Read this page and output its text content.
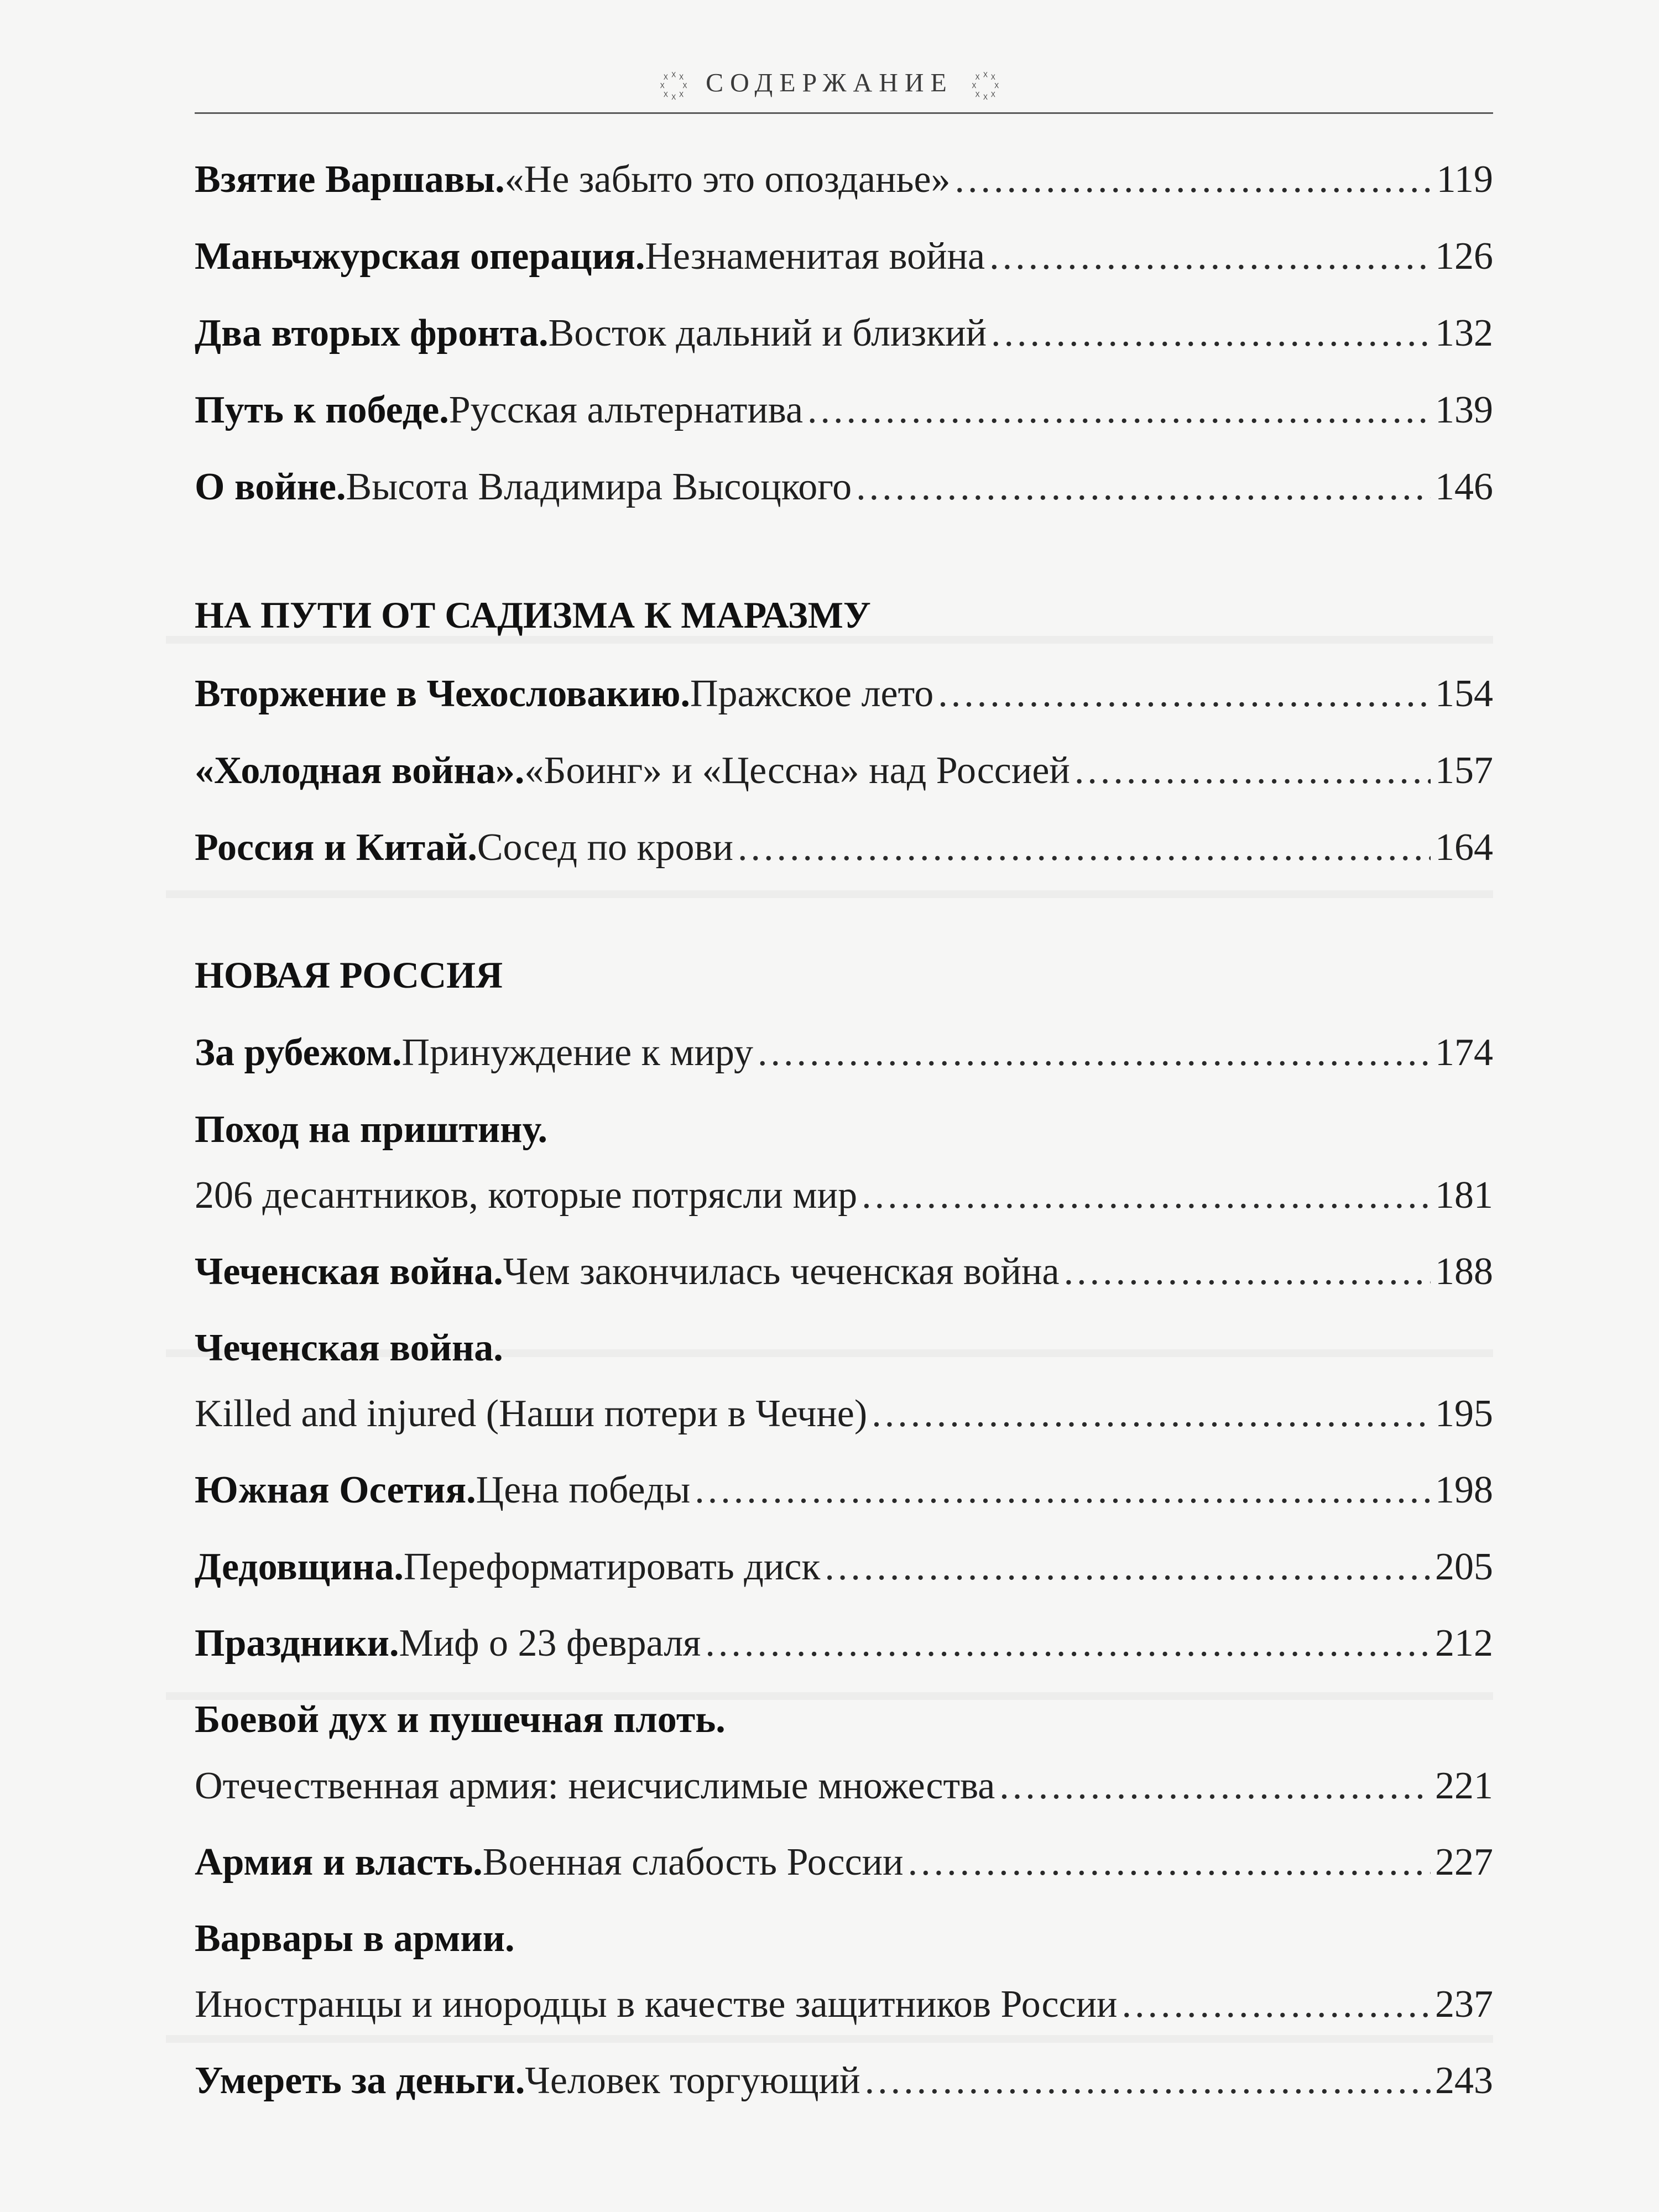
СОДЕРЖАНИЕ
Взятие Варшавы. «Не забыто это опозданье» .....	119
Маньчжурская операция. Незнаменитая война .....	126
Два вторых фронта. Восток дальний и близкий .....	132
Путь к победе. Русская альтернатива .....	139
О войне. Высота Владимира Высоцкого .....	146
НА ПУТИ ОТ САДИЗМА К МАРАЗМУ
Вторжение в Чехословакию. Пражское лето .....	154
«Холодная война». «Боинг» и «Цессна» над Россией .....	157
Россия и Китай. Сосед по крови .....	164
НОВАЯ РОССИЯ
За рубежом. Принуждение к миру .....	174
Поход на приштину.
206 десантников, которые потрясли мир .....	181
Чеченская война. Чем закончилась чеченская война .....	188
Чеченская война.
Killed and injured (Наши потери в Чечне) .....	195
Южная Осетия. Цена победы .....	198
Дедовщина. Переформатировать диск .....	205
Праздники. Миф о 23 февраля .....	212
Боевой дух и пушечная плоть.
Отечественная армия: неисчислимые множества .....	221
Армия и власть. Военная слабость России .....	227
Варвары в армии.
Иностранцы и инородцы в качестве защитников России .....	237
Умереть за деньги. Человек торгующий .....	243
